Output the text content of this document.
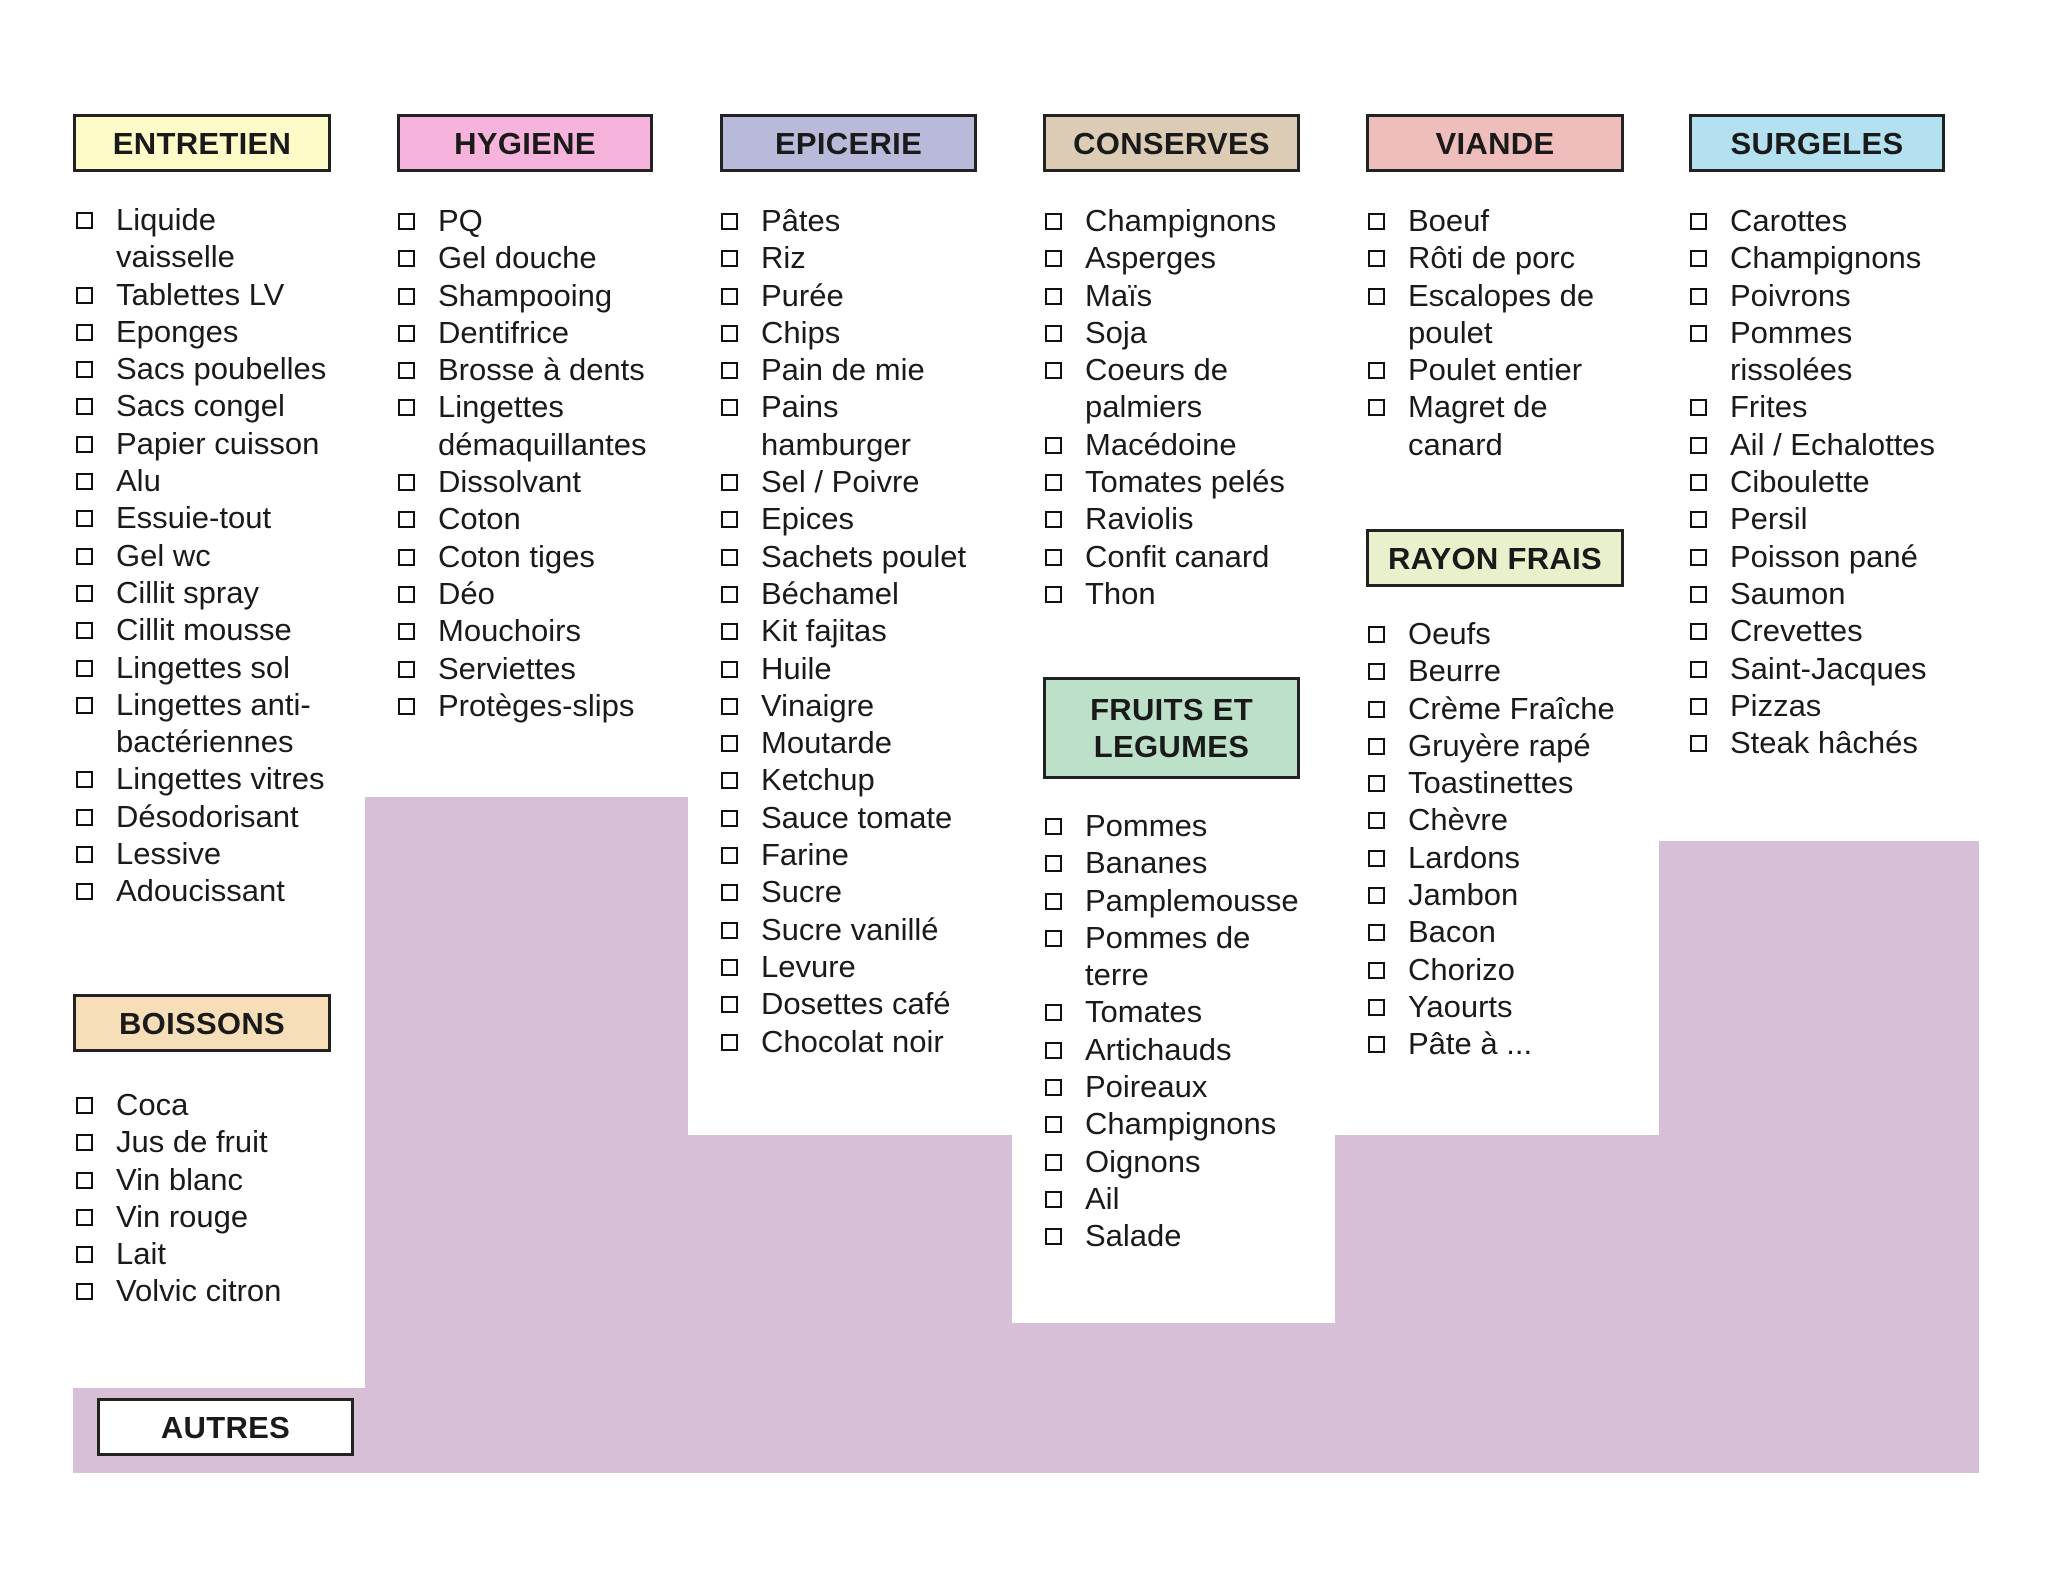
ENTRETIEN
Liquide
vaisselle
Tablettes LV
Eponges
Sacs poubelles
Sacs congel
Papier cuisson
Alu
Essuie-tout
Gel wc
Cillit spray
Cillit mousse
Lingettes sol
Lingettes anti-
bactériennes
Lingettes vitres
Désodorisant
Lessive
Adoucissant
BOISSONS
Coca
Jus de fruit
Vin blanc
Vin rouge
Lait
Volvic citron
HYGIENE
PQ
Gel douche
Shampooing
Dentifrice
Brosse à dents
Lingettes
démaquillantes
Dissolvant
Coton
Coton tiges
Déo
Mouchoirs
Serviettes
Protèges-slips
EPICERIE
Pâtes
Riz
Purée
Chips
Pain de mie
Pains
hamburger
Sel / Poivre
Epices
Sachets poulet
Béchamel
Kit fajitas
Huile
Vinaigre
Moutarde
Ketchup
Sauce tomate
Farine
Sucre
Sucre vanillé
Levure
Dosettes café
Chocolat noir
CONSERVES
Champignons
Asperges
Maïs
Soja
Coeurs de
palmiers
Macédoine
Tomates pelés
Raviolis
Confit canard
Thon
FRUITS ET
LEGUMES
Pommes
Bananes
Pamplemousse
Pommes de
terre
Tomates
Artichauds
Poireaux
Champignons
Oignons
Ail
Salade
VIANDE
Boeuf
Rôti de porc
Escalopes de
poulet
Poulet entier
Magret de
canard
RAYON FRAIS
Oeufs
Beurre
Crème Fraîche
Gruyère rapé
Toastinettes
Chèvre
Lardons
Jambon
Bacon
Chorizo
Yaourts
Pâte à ...
SURGELES
Carottes
Champignons
Poivrons
Pommes
rissolées
Frites
Ail / Echalottes
Ciboulette
Persil
Poisson pané
Saumon
Crevettes
Saint-Jacques
Pizzas
Steak hâchés
AUTRES
